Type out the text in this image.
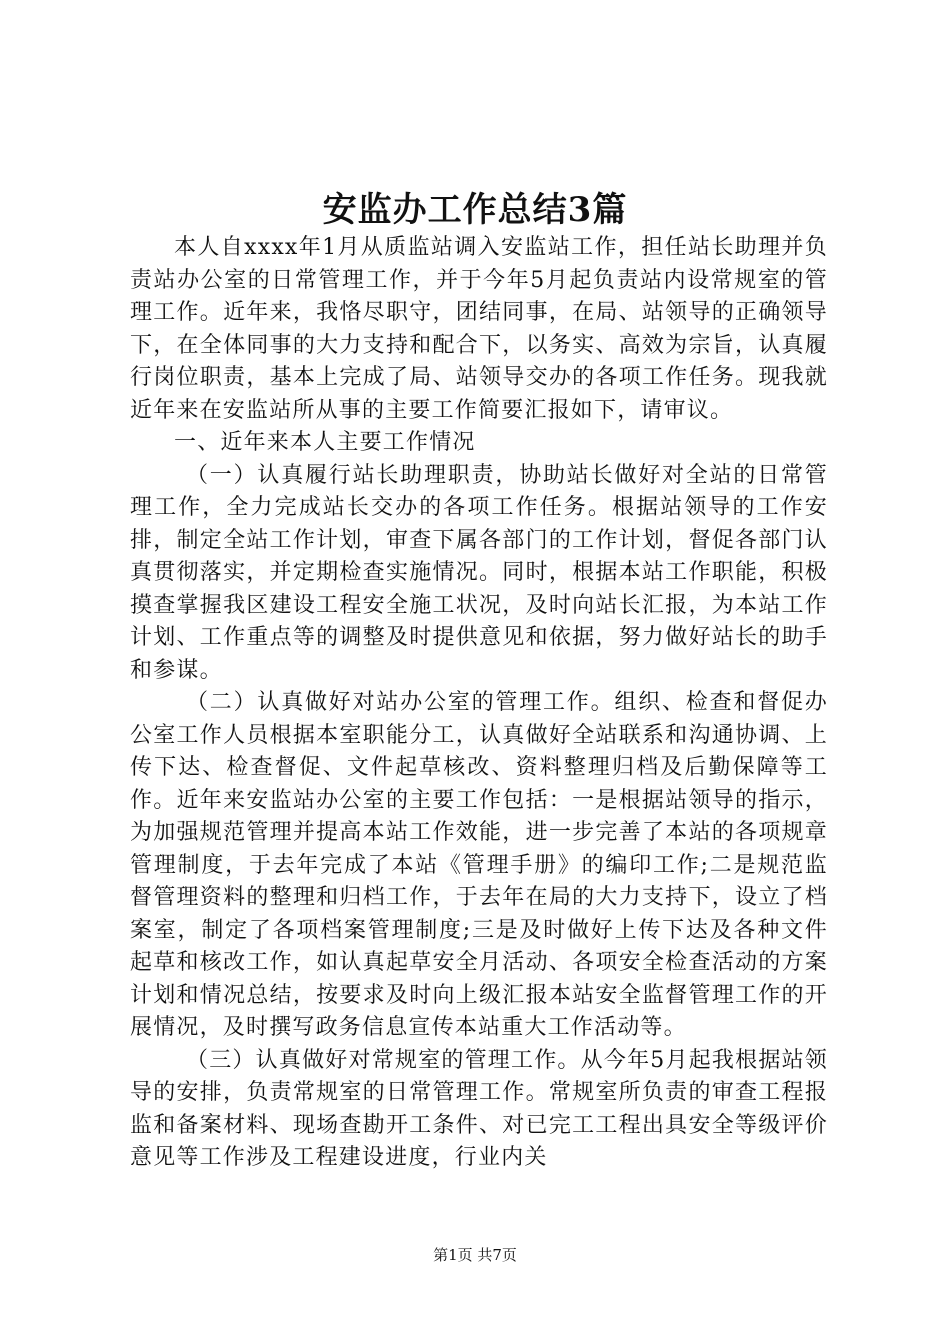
安监办工作总结3篇

本人自xxxx年1月从质监站调入安监站工作，担任站长助理并负责站办公室的日常管理工作，并于今年5月起负责站内设常规室的管理工作。近年来，我恪尽职守，团结同事，在局、站领导的正确领导下，在全体同事的大力支持和配合下，以务实、高效为宗旨，认真履行岗位职责，基本上完成了局、站领导交办的各项工作任务。现我就近年来在安监站所从事的主要工作简要汇报如下，请审议。

一、近年来本人主要工作情况

（一）认真履行站长助理职责，协助站长做好对全站的日常管理工作，全力完成站长交办的各项工作任务。根据站领导的工作安排，制定全站工作计划，审查下属各部门的工作计划，督促各部门认真贯彻落实，并定期检查实施情况。同时，根据本站工作职能，积极摸查掌握我区建设工程安全施工状况，及时向站长汇报，为本站工作计划、工作重点等的调整及时提供意见和依据，努力做好站长的助手和参谋。

（二）认真做好对站办公室的管理工作。组织、检查和督促办公室工作人员根据本室职能分工，认真做好全站联系和沟通协调、上传下达、检查督促、文件起草核改、资料整理归档及后勤保障等工作。近年来安监站办公室的主要工作包括：一是根据站领导的指示，为加强规范管理并提高本站工作效能，进一步完善了本站的各项规章管理制度，于去年完成了本站《管理手册》的编印工作;二是规范监督管理资料的整理和归档工作，于去年在局的大力支持下，设立了档案室，制定了各项档案管理制度;三是及时做好上传下达及各种文件起草和核改工作，如认真起草安全月活动、各项安全检查活动的方案计划和情况总结，按要求及时向上级汇报本站安全监督管理工作的开展情况，及时撰写政务信息宣传本站重大工作活动等。

（三）认真做好对常规室的管理工作。从今年5月起我根据站领导的安排，负责常规室的日常管理工作。常规室所负责的审查工程报监和备案材料、现场查勘开工条件、对已完工工程出具安全等级评价意见等工作涉及工程建设进度，行业内关

第1页 共7页
